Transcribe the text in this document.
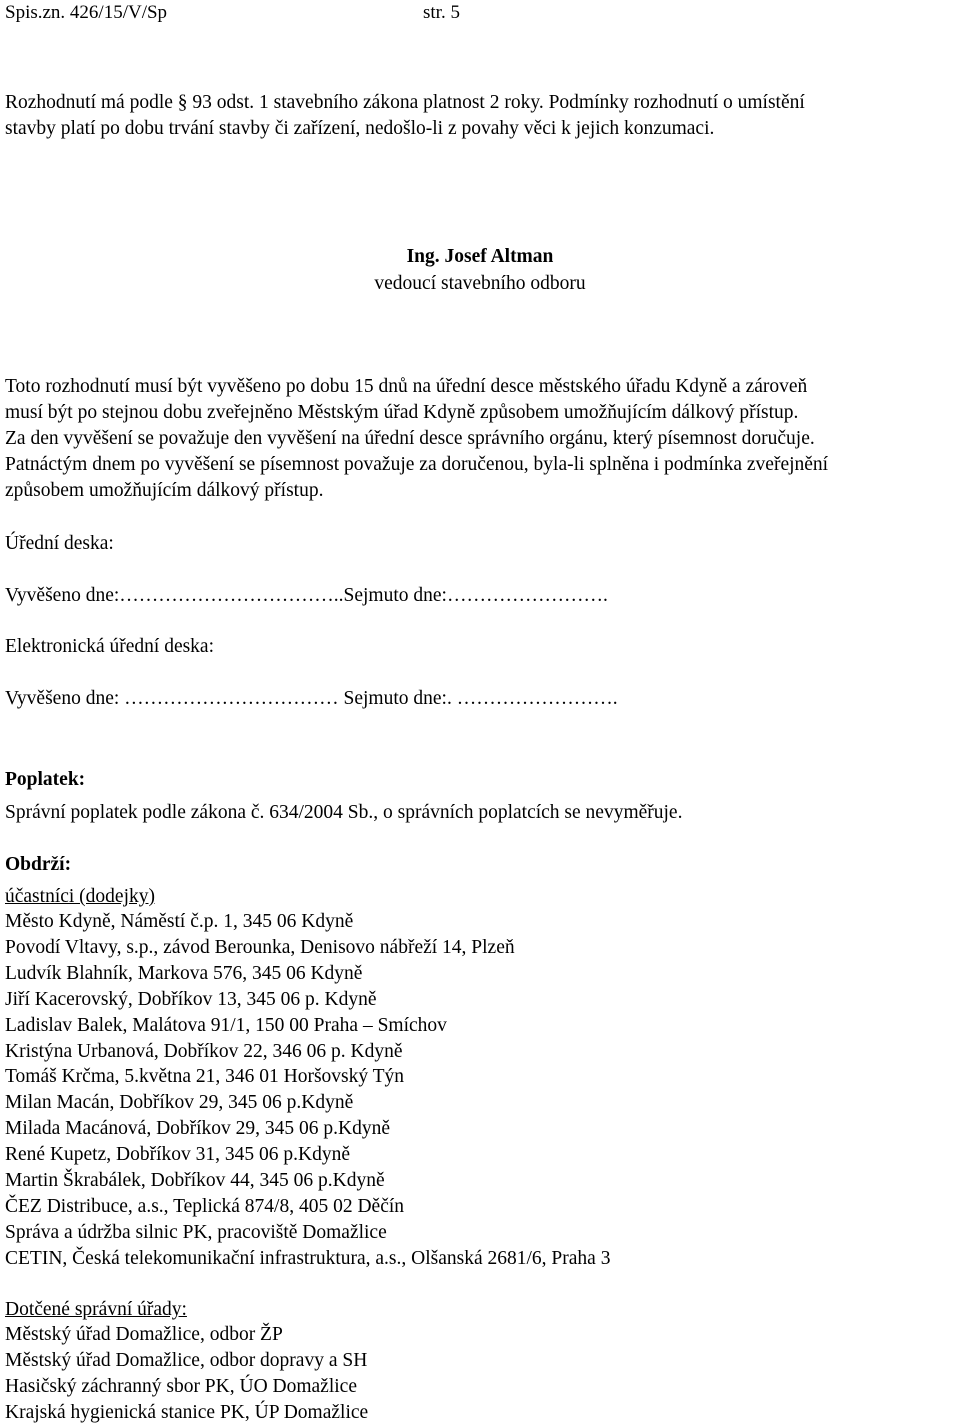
Spis.zn. 426/15/V/Sp	str. 5
Rozhodnutí má podle § 93 odst. 1 stavebního zákona platnost 2 roky. Podmínky rozhodnutí o umístění
stavby platí po dobu trvání stavby či zařízení, nedošlo-li z povahy věci k jejich konzumaci.
Ing. Josef Altman
vedoucí stavebního odboru
Toto rozhodnutí musí být vyvěšeno po dobu 15 dnů na úřední desce městského úřadu Kdyně a zároveň
musí být po stejnou dobu zveřejněno Městským úřad Kdyně způsobem umožňujícím dálkový přístup.
Za den vyvěšení se považuje den vyvěšení na úřední desce správního orgánu, který písemnost doručuje.
Patnáctým dnem po vyvěšení se písemnost považuje za doručenou, byla-li splněna i podmínka zveřejnění
způsobem umožňujícím dálkový přístup.
Úřední deska:
Vyvěšeno dne:……………………………..Sejmuto dne:…………………….
Elektronická úřední deska:
Vyvěšeno dne: …………………………… Sejmuto dne:. …………………….
Poplatek:
Správní poplatek podle zákona č. 634/2004 Sb., o správních poplatcích se nevyměřuje.
Obdrží:
účastníci (dodejky)
Město Kdyně, Náměstí č.p. 1, 345 06 Kdyně
Povodí Vltavy, s.p., závod Berounka, Denisovo nábřeží 14, Plzeň
Ludvík Blahník, Markova 576, 345 06 Kdyně
Jiří Kacerovský, Dobříkov 13, 345 06 p. Kdyně
Ladislav Balek, Malátova 91/1, 150 00 Praha – Smíchov
Kristýna Urbanová, Dobříkov 22, 346 06 p. Kdyně
Tomáš Krčma, 5.května 21, 346 01 Horšovský Týn
Milan Macán, Dobříkov 29, 345 06 p.Kdyně
Milada Macánová, Dobříkov 29, 345 06 p.Kdyně
René Kupetz, Dobříkov 31, 345 06 p.Kdyně
Martin Škrabálek, Dobříkov 44, 345 06 p.Kdyně
ČEZ Distribuce, a.s., Teplická 874/8, 405 02 Děčín
Správa a údržba silnic PK, pracoviště Domažlice
CETIN, Česká telekomunikační infrastruktura, a.s., Olšanská 2681/6, Praha 3
Dotčené správní úřady:
Městský úřad Domažlice, odbor ŽP
Městský úřad Domažlice, odbor dopravy a SH
Hasičský záchranný sbor PK, ÚO Domažlice
Krajská hygienická stanice PK, ÚP Domažlice
